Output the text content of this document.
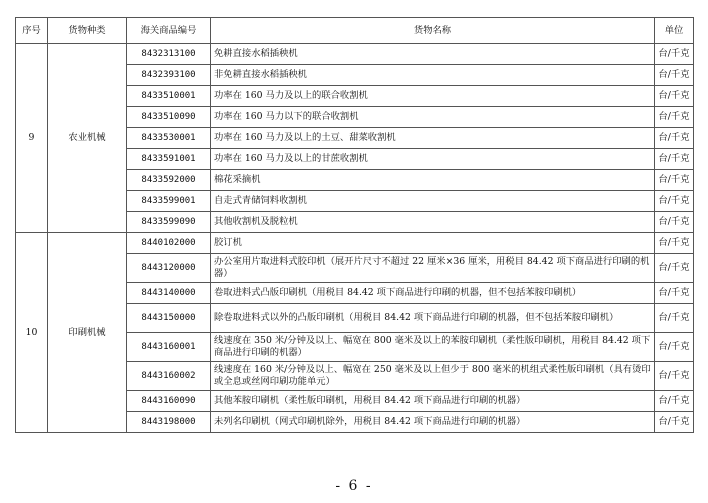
序号	货物种类	海关商品编号	货物名称	单位
9	农业机械	8432313100	免耕直接水稻插秧机	台/千克
		8432393100	非免耕直接水稻插秧机	台/千克
		8433510001	功率在 160 马力及以上的联合收割机	台/千克
		8433510090	功率在 160 马力以下的联合收割机	台/千克
		8433530001	功率在 160 马力及以上的土豆、甜菜收割机	台/千克
		8433591001	功率在 160 马力及以上的甘蔗收割机	台/千克
		8433592000	棉花采摘机	台/千克
		8433599001	自走式青储饲料收割机	台/千克
		8433599090	其他收割机及脱粒机	台/千克
10	印刷机械	8440102000	胶订机	台/千克
		8443120000	办公室用片取进料式胶印机（展开片尺寸不超过 22 厘米×36 厘米，用税目 84.42 项下商品进行印刷的机器）	台/千克
		8443140000	卷取进料式凸版印刷机（用税目 84.42 项下商品进行印刷的机器，但不包括苯胺印刷机）	台/千克
		8443150000	除卷取进料式以外的凸版印刷机（用税目 84.42 项下商品进行印刷的机器，但不包括苯胺印刷机）	台/千克
		8443160001	线速度在 350 米/分钟及以上、幅宽在 800 毫米及以上的苯胺印刷机（柔性版印刷机，用税目 84.42 项下商品进行印刷的机器）	台/千克
		8443160002	线速度在 160 米/分钟及以上、幅宽在 250 毫米及以上但少于 800 毫米的机组式柔性版印刷机（具有烫印或全息或丝网印刷功能单元）	台/千克
		8443160090	其他苯胺印刷机（柔性版印刷机，用税目 84.42 项下商品进行印刷的机器）	台/千克
		8443198000	未列名印刷机（网式印刷机除外，用税目 84.42 项下商品进行印刷的机器）	台/千克
- 6 -
